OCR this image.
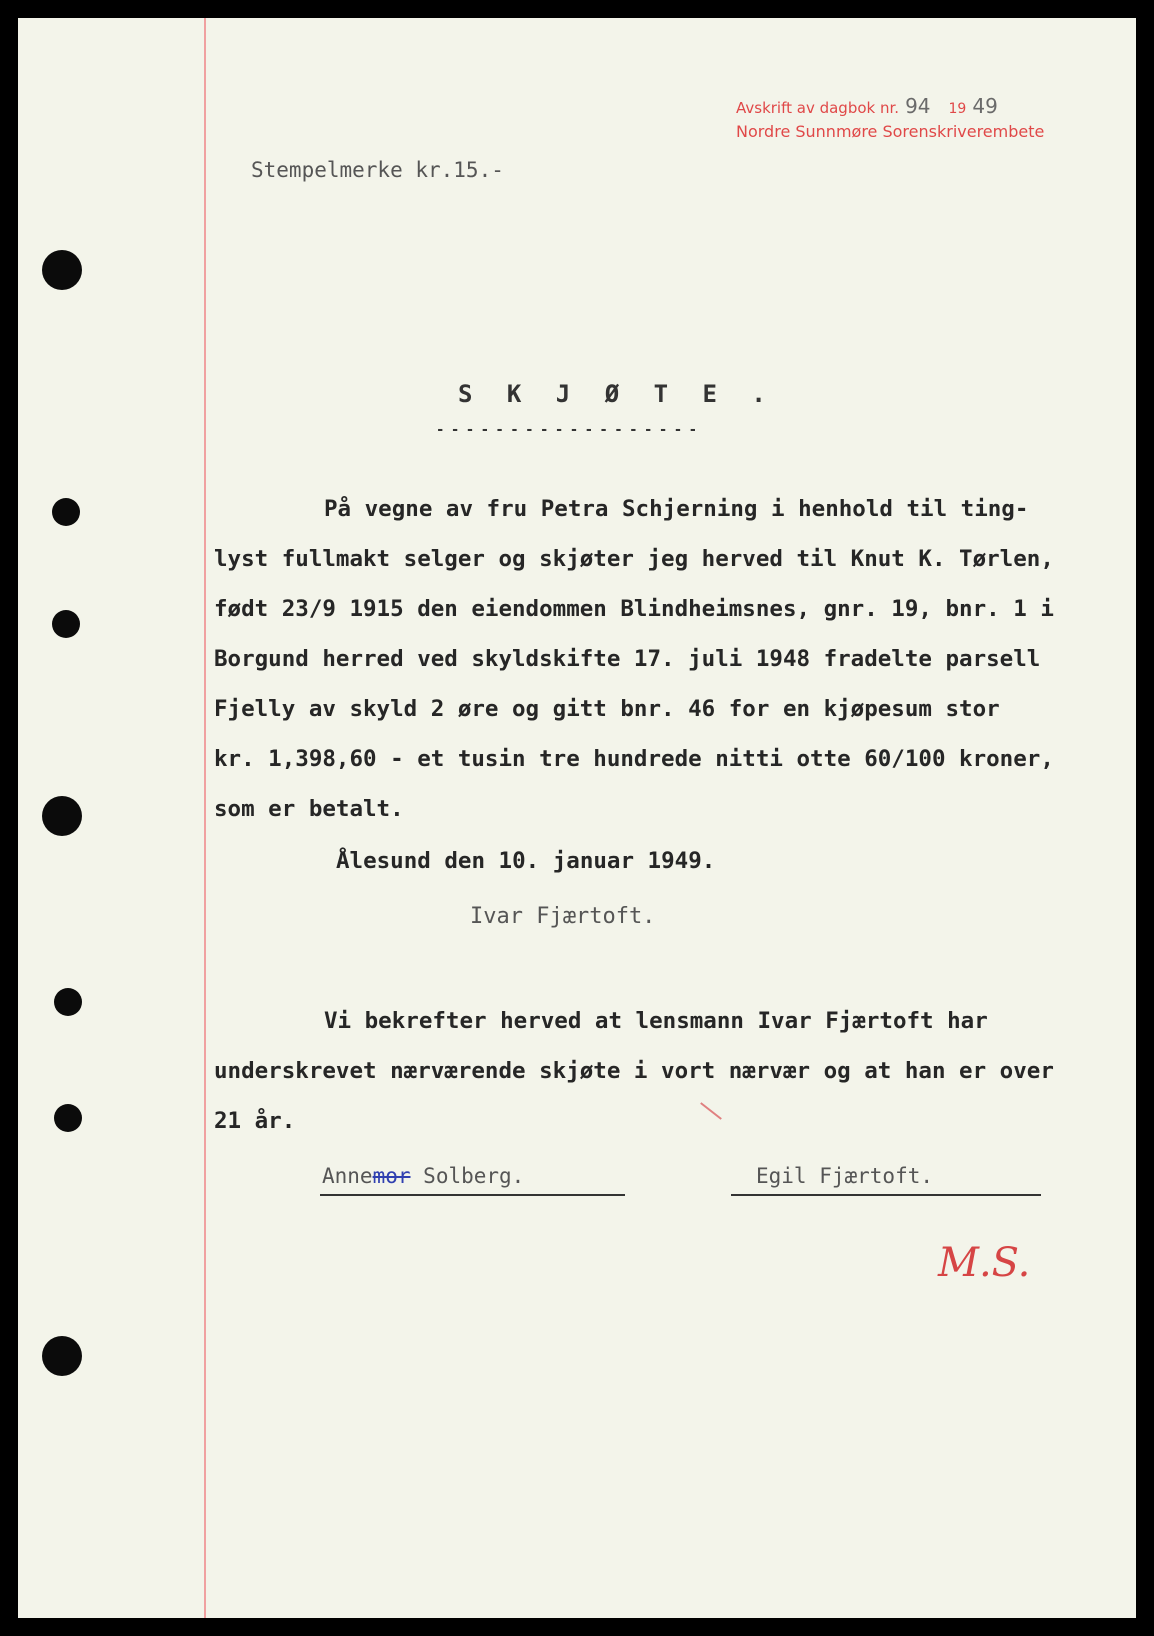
Avskrift av dagbok nr. 94 19 49
Nordre Sunnmøre Sorenskriverembete
Stempelmerke kr.15.-
S K J Ø T E .
- - - - - - - - - - - - - - - - - -
På vegne av fru Petra Schjerning i henhold til ting-
lyst fullmakt selger og skjøter jeg herved til Knut K. Tørlen,
født 23/9 1915 den eiendommen Blindheimsnes, gnr. 19, bnr. 1 i
Borgund herred ved skyldskifte 17. juli 1948 fradelte parsell
Fjelly av skyld 2 øre og gitt bnr. 46 for en kjøpesum stor
kr. 1,398,60 - et tusin tre hundrede nitti otte 60/100 kroner,
som er betalt.
Ålesund den 10. januar 1949.
Ivar Fjærtoft.
Vi bekrefter herved at lensmann Ivar Fjærtoft har
underskrevet nærværende skjøte i vort nærvær og at han er over
21 år.
Annemor Solberg.	Egil Fjærtoft.
M.S.
